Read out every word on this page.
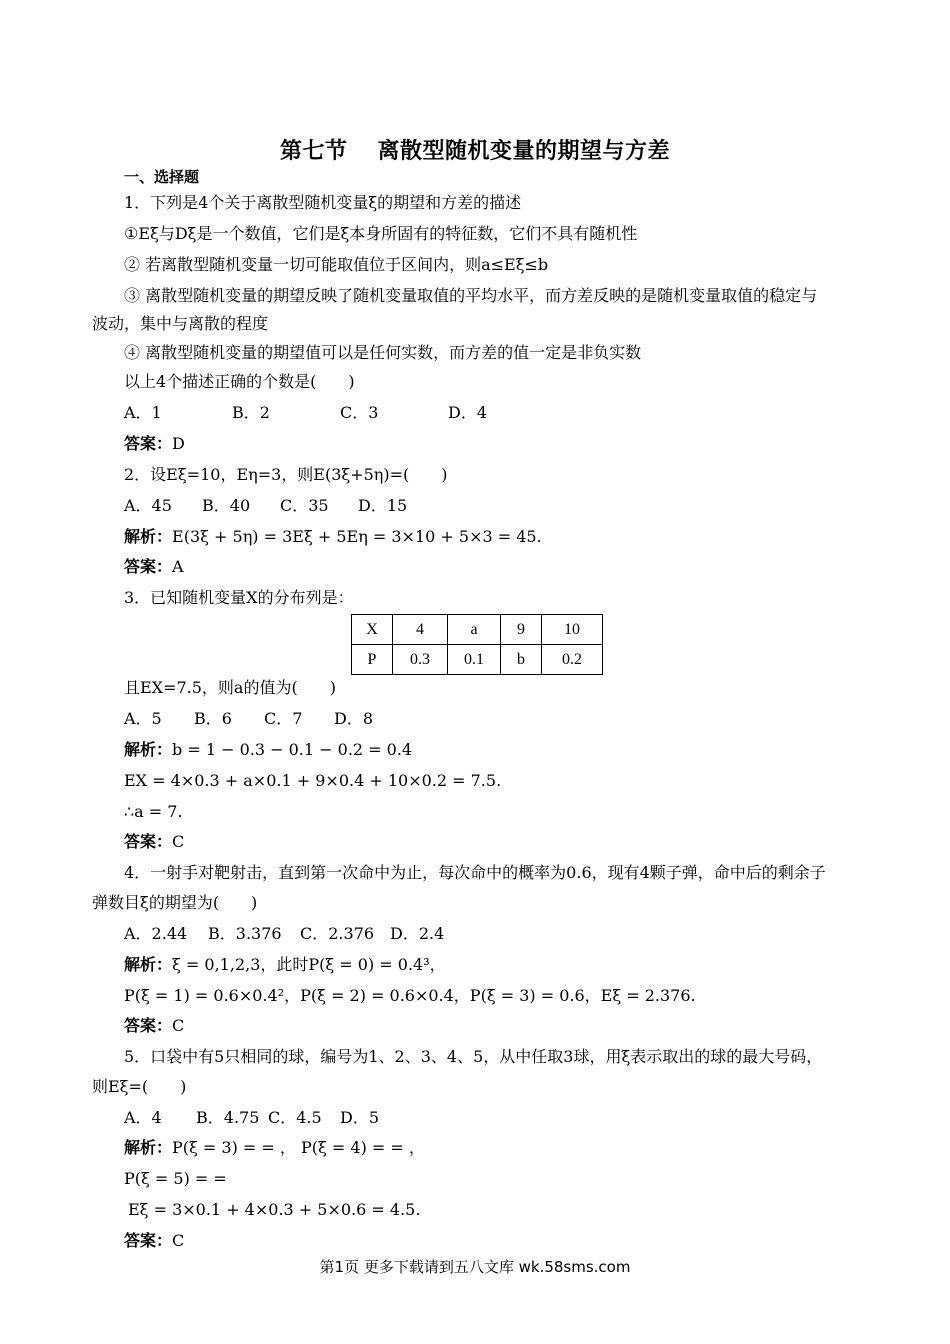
第七节 离散型随机变量的期望与方差
一、选择题
1．下列是4个关于离散型随机变量ξ的期望和方差的描述
①Eξ与Dξ是一个数值，它们是ξ本身所固有的特征数，它们不具有随机性
② 若离散型随机变量一切可能取值位于区间内，则a≤Eξ≤b
③ 离散型随机变量的期望反映了随机变量取值的平均水平，而方差反映的是随机变量取值的稳定与
波动，集中与离散的程度
④ 离散型随机变量的期望值可以是任何实数，而方差的值一定是非负实数
以上4个描述正确的个数是(　　)
A．1	B．2	C．3	D．4
答案：D
2．设Eξ=10，Eη=3，则E(3ξ+5η)=(　　)
A．45 B．40 C．35 D．15
解析：E(3ξ + 5η) = 3Eξ + 5Eη = 3×10 + 5×3 = 45.
答案：A
3．已知随机变量X的分布列是：
X	4	a	9	10
P	0.3	0.1	b	0.2
且EX=7.5，则a的值为(　　)
A．5 B．6 C．7 D．8
解析：b = 1 − 0.3 − 0.1 − 0.2 = 0.4
EX = 4×0.3 + a×0.1 + 9×0.4 + 10×0.2 = 7.5.
∴a = 7.
答案：C
4．一射手对靶射击，直到第一次命中为止，每次命中的概率为0.6，现有4颗子弹，命中后的剩余子
弹数目ξ的期望为(　　)
A．2.44 B．3.376 C．2.376 D．2.4
解析：ξ = 0,1,2,3，此时P(ξ = 0) = 0.4³，
P(ξ = 1) = 0.6×0.4²，P(ξ = 2) = 0.6×0.4，P(ξ = 3) = 0.6，Eξ = 2.376.
答案：C
5．口袋中有5只相同的球，编号为1、2、3、4、5，从中任取3球，用ξ表示取出的球的最大号码，
则Eξ=(　　)
A．4 B．4.75 C．4.5 D．5
解析：P(ξ = 3) = = ， P(ξ = 4) = = ，
P(ξ = 5) = =
Eξ = 3×0.1 + 4×0.3 + 5×0.6 = 4.5.
答案：C
第1页 更多下载请到五八文库 wk.58sms.com
